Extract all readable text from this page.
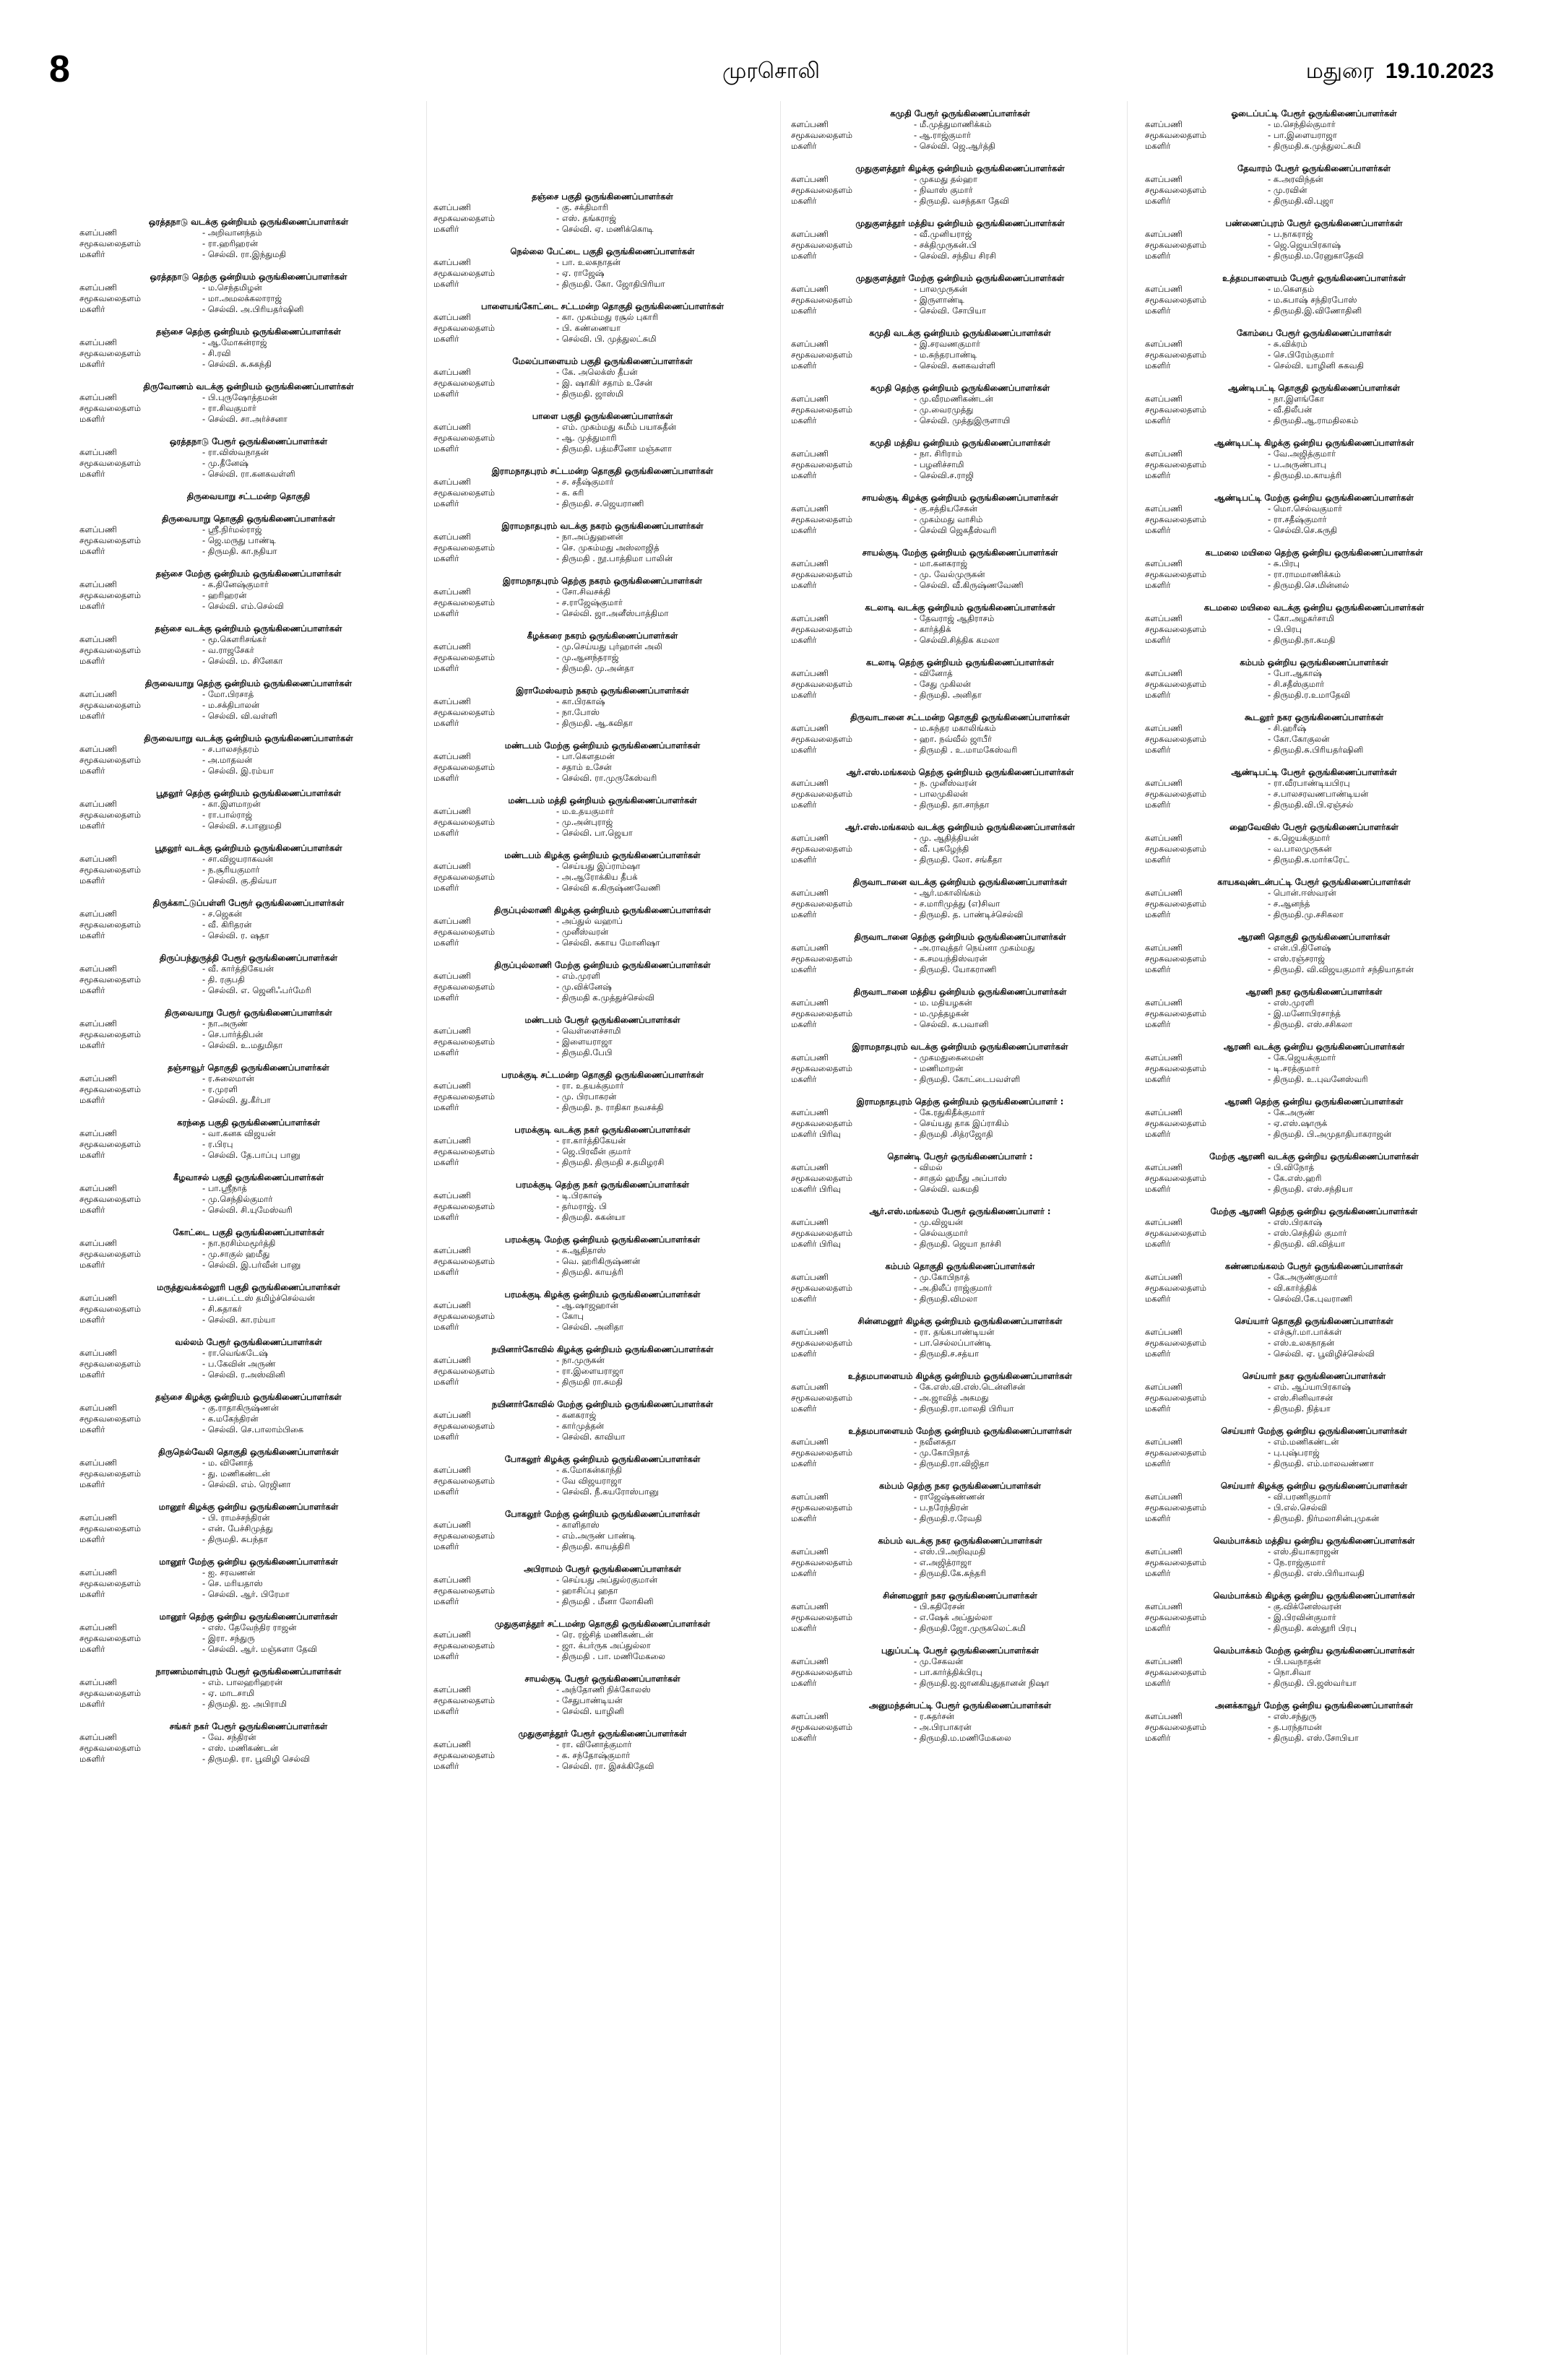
8	முரசொலி	மதுரை 19.10.2023
ஒரத்தநாடு வடக்கு ஒன்றியம் ஒருங்கிணைப்பாளர்கள்
களப்பணி	- அறிவானந்தம்
சமூகவலைதளம்	- ரா.ஹரிஹரன்
மகளிர்	- செல்வி. ரா.இந்துமதி
ஒரத்தநாடு தெற்கு ஒன்றியம் ஒருங்கிணைப்பாளர்கள்
களப்பணி	- ம.செந்தமிழன்
சமூகவலைதளம்	- மா.அமலக்கலாராஜ்
மகளிர்	- செல்வி. அ.பிரியதர்ஷினி
தஞ்சை தெற்கு ஒன்றியம் ஒருங்கிணைப்பாளர்கள்
களப்பணி	- ஆ.மோகன்ராஜ்
சமூகவலைதளம்	- சி.ரவி
மகளிர்	- செல்வி. சு.சுகந்தி
திருவோணம் வடக்கு ஒன்றியம் ஒருங்கிணைப்பாளர்கள்
களப்பணி	- பி.புருஷோத்தமன்
சமூகவலைதளம்	- ரா.சிவகுமார்
மகளிர்	- செல்வி. சா.அர்ச்சனா
ஒரத்தநாடு பேரூர் ஒருங்கிணைப்பாளர்கள்
களப்பணி	- ரா.விஸ்வநாதன்
சமூகவலைதளம்	- மு.தீனேஷ்
மகளிர்	- செல்வி. ரா.கனகவள்ளி
திருவையாறு சட்டமன்ற தொகுதி
திருவையாறு தொகுதி ஒருங்கிணைப்பாளர்கள்
களப்பணி	- ஸ்ரீ.நிர்மல்ராஜ்
சமூகவலைதளம்	- ஜெ.மருது பாண்டி
மகளிர்	- திருமதி. கா.நதியா
தஞ்சை மேற்கு ஒன்றியம் ஒருங்கிணைப்பாளர்கள்
களப்பணி	- க.தினேஷ்குமார்
சமூகவலைதளம்	- ஹரிஹரன்
மகளிர்	- செல்வி. எம்.செல்வி
தஞ்சை வடக்கு ஒன்றியம் ஒருங்கிணைப்பாளர்கள்
களப்பணி	- மூ.கௌரிசங்கர்
சமூகவலைதளம்	- வ.ராஜசேகர்
மகளிர்	- செல்வி. ம. சினேகா
திருவையாறு தெற்கு ஒன்றியம் ஒருங்கிணைப்பாளர்கள்
களப்பணி	- மோ.பிரசாத்
சமூகவலைதளம்	- ம.சக்திபாலன்
மகளிர்	- செல்வி. வி.வள்ளி
திருவையாறு வடக்கு ஒன்றியம் ஒருங்கிணைப்பாளர்கள்
களப்பணி	- ச.பாலசந்தரம்
சமூகவலைதளம்	- அ.மாதவன்
மகளிர்	- செல்வி. இ.ரம்யா
பூதலூர் தெற்கு ஒன்றியம் ஒருங்கிணைப்பாளர்கள்
களப்பணி	- கா.இளமாறன்
சமூகவலைதளம்	- ரா.பால்ராஜ்
மகளிர்	- செல்வி. ச.பானுமதி
பூதலூர் வடக்கு ஒன்றியம் ஒருங்கிணைப்பாளர்கள்
களப்பணி	- சா.விஜயராகவன்
சமூகவலைதளம்	- ந.சூரியகுமார்
மகளிர்	- செல்வி. கு.திவ்யா
திருக்காட்டுப்பள்ளி பேரூர் ஒருங்கிணைப்பாளர்கள்
களப்பணி	- ச.ஜெகன்
சமூகவலைதளம்	- வீ. கிரிதரன்
மகளிர்	- செல்வி. ர. ஷதா
திருப்பந்துருத்தி பேரூர் ஒருங்கிணைப்பாளர்கள்
களப்பணி	- வீ. கார்த்திகேயன்
சமூகவலைதளம்	- தி. ரகுபதி
மகளிர்	- செல்வி. எ. ஜெனிஃபர்மேரி
திருவையாறு பேரூர் ஒருங்கிணைப்பாளர்கள்
களப்பணி	- நா.அருண்
சமூகவலைதளம்	- செ.பார்த்திபன்
மகளிர்	- செல்வி. உ.மதுமிதா
தஞ்சாவூர் தொகுதி ஒருங்கிணைப்பாளர்கள்
களப்பணி	- ர.சுலைமான்
சமூகவலைதளம்	- ர.முரளி
மகளிர்	- செல்வி. து.கீர்பா
கரந்தை பகுதி ஒருங்கிணைப்பாளர்கள்
களப்பணி	- வா.கனக விஜயன்
சமூகவலைதளம்	- ர.பிரபு
மகளிர்	- செல்வி. தே.பாப்பு பானு
கீழவாசல் பகுதி ஒருங்கிணைப்பாளர்கள்
களப்பணி	- பா.ஸ்ரீநாத்
சமூகவலைதளம்	- மு.செந்தில்குமார்
மகளிர்	- செல்வி. சி.யுமேஸ்வரி
கோட்டை பகுதி ஒருங்கிணைப்பாளர்கள்
களப்பணி	- நா.நரசிம்மமூர்த்தி
சமூகவலைதளம்	- மு.சாகுல் ஹமீது
மகளிர்	- செல்வி. இ.பர்வீன் பானு
மருத்துவக்கல்லூரி பகுதி ஒருங்கிணைப்பாளர்கள்
களப்பணி	- ப.டைட்டஸ் தமிழ்ச்செல்வன்
சமூகவலைதளம்	- சி.சுதாகர்
மகளிர்	- செல்வி. கா.ரம்யா
வல்லம் பேரூர் ஒருங்கிணைப்பாளர்கள்
களப்பணி	- ரா.வெங்கடேஷ்
சமூகவலைதளம்	- ப.கேவின் அருண்
மகளிர்	- செல்வி. ர.அஸ்வினி
தஞ்சை கிழக்கு ஒன்றியம் ஒருங்கிணைப்பாளர்கள்
களப்பணி	- கு.ராதாகிருஷ்ணன்
சமூகவலைதளம்	- க.மகேந்திரன்
மகளிர்	- செல்வி. செ.பாலாம்பிகை
திருநெல்வேலி தொகுதி ஒருங்கிணைப்பாளர்கள்
களப்பணி	- ம. வினோத்
சமூகவலைதளம்	- து. மணிகண்டன்
மகளிர்	- செல்வி. எம். ரெஜினா
மானூர் கிழக்கு ஒன்றிய ஒருங்கிணைப்பாளர்கள்
களப்பணி	- பி. ராமச்சந்திரன்
சமூகவலைதளம்	- என். பேச்சிமுத்து
மகளிர்	- திருமதி. சுபந்தா
மானூர் மேற்கு ஒன்றிய ஒருங்கிணைப்பாளர்கள்
களப்பணி	- ஐ. சரவணன்
சமூகவலைதளம்	- செ. மரியதாஸ்
மகளிர்	- செல்வி. ஆர். பிரேமா
மானூர் தெற்கு ஒன்றிய ஒருங்கிணைப்பாளர்கள்
களப்பணி	- எஸ். தேவேந்திர ராஜன்
சமூகவலைதளம்	- இரா. சந்துரு
மகளிர்	- செல்வி. ஆர். மஞ்சுளா தேவி
நாரணம்மாள்புரம் பேரூர் ஒருங்கிணைப்பாளர்கள்
களப்பணி	- எம். பாலஹரிஹரன்
சமூகவலைதளம்	- ஏ. மாடசாமி
மகளிர்	- திருமதி. ஐ. அபிராமி
சங்கர் நகர் பேரூர் ஒருங்கிணைப்பாளர்கள்
களப்பணி	- வே. சந்திரன்
சமூகவலைதளம்	- எஸ். மணிகண்டன்
மகளிர்	- திருமதி. ரா. பூவிழி செல்வி
தஞ்சை பகுதி ஒருங்கிணைப்பாளர்கள்
களப்பணி	- கு. சக்திமாரி
சமூகவலைதளம்	- எஸ். தங்கராஜ்
மகளிர்	- செல்வி. ஏ. மணிக்கொடி
நெல்லை பேட்டை பகுதி ஒருங்கிணைப்பாளர்கள்
களப்பணி	- பா. உலகநாதன்
சமூகவலைதளம்	- ஏ. ராஜேஷ்
மகளிர்	- திருமதி. கோ. ஜோதிபிரியா
பாளையங்கோட்டை சட்டமன்ற தொகுதி ஒருங்கிணைப்பாளர்கள்
களப்பணி	- கா. முகம்மது ரசூல் புகாரி
சமூகவலைதளம்	- பி. கண்ணையா
மகளிர்	- செல்வி. பி. முத்துலட்சுமி
மேலப்பாளையம் பகுதி ஒருங்கிணைப்பாளர்கள்
களப்பணி	- கே. அலெக்ஸ் தீபன்
சமூகவலைதளம்	- இ. ஷாகிர் சதாம் உசேன்
மகளிர்	- திருமதி. ஜாஸ்மி
பாளை பகுதி ஒருங்கிணைப்பாளர்கள்
களப்பணி	- எம். முகம்மது சுமீம் பயாசுதீன்
சமூகவலைதளம்	- ஆ. முத்துமாரி
மகளிர்	- திருமதி. பத்மசீனோ மஞ்சுளா
இராமநாதபுரம் சட்டமன்ற தொகுதி ஒருங்கிணைப்பாளர்கள்
களப்பணி	- ச. சதீஷ்குமார்
சமூகவலைதளம்	- க. சுரி
மகளிர்	- திருமதி. ச.ஜெயராணி
இராமநாதபுரம் வடக்கு நகரம் ஒருங்கிணைப்பாளர்கள்
களப்பணி	- நா.அப்துஹனன்
சமூகவலைதளம்	- செ. முகம்மது அஸ்லாஜித்
மகளிர்	- திருமதி . நூ.பாத்திமா பாலின்
இராமநாதபுரம் தெற்கு நகரம் ஒருங்கிணைப்பாளர்கள்
களப்பணி	- சோ.சிவசக்தி
சமூகவலைதளம்	- ச.ராஜேஷ்குமார்
மகளிர்	- செல்வி. ஜா.அனீஸ்பாத்திமா
கீழக்கரை நகரம் ஒருங்கிணைப்பாளர்கள்
களப்பணி	- மு.செய்யது புர்ஹான் அலி
சமூகவலைதளம்	- மு.ஆனந்தராஜ்
மகளிர்	- திருமதி. மு.அன்தா
இராமேஸ்வரம் நகரம் ஒருங்கிணைப்பாளர்கள்
களப்பணி	- கா.பிரகாஷ்
சமூகவலைதளம்	- நா.போஸ்
மகளிர்	- திருமதி. ஆ.கவிதா
மண்டபம் மேற்கு ஒன்றியம் ஒருங்கிணைப்பாளர்கள்
களப்பணி	- பா.கௌதமன்
சமூகவலைதளம்	- சதாம் உசேன்
மகளிர்	- செல்வி. ரா.முருகேஸ்வரி
மண்டபம் மத்தி ஒன்றியம் ஒருங்கிணைப்பாளர்கள்
களப்பணி	- ம.உதயகுமார்
சமூகவலைதளம்	- மு.அன்புராஜ்
மகளிர்	- செல்வி. பா.ஜெயா
மண்டபம் கிழக்கு ஒன்றியம் ஒருங்கிணைப்பாளர்கள்
களப்பணி	- செய்யது இப்ராம்ஷா
சமூகவலைதளம்	- அ.ஆரோக்கிய தீபக்
மகளிர்	- செல்வி க.கிருஷ்ணவேணி
திருப்புல்லாணி கிழக்கு ஒன்றியம் ஒருங்கிணைப்பாளர்கள்
களப்பணி	- அப்துல் வஹாப்
சமூகவலைதளம்	- முனீஸ்வரன்
மகளிர்	- செல்வி. சுகாய மோனிஷா
திருப்புல்லாணி மேற்கு ஒன்றியம் ஒருங்கிணைப்பாளர்கள்
களப்பணி	- எம்.முரளி
சமூகவலைதளம்	- மு.விக்னேஷ்
மகளிர்	- திருமதி க.முத்துச்செல்வி
மண்டபம் பேரூர் ஒருங்கிணைப்பாளர்கள்
களப்பணி	- வெள்ளைச்சாமி
சமூகவலைதளம்	- இளையராஜா
மகளிர்	- திருமதி.பேபி
பரமக்குடி சட்டமன்ற தொகுதி ஒருங்கிணைப்பாளர்கள்
களப்பணி	- ரா. உதயக்குமார்
சமூகவலைதளம்	- மு. பிரபாகரன்
மகளிர்	- திருமதி. ந. ராதிகா நவசக்தி
பரமக்குடி வடக்கு நகர் ஒருங்கிணைப்பாளர்கள்
களப்பணி	- ரா.கார்த்திகேயன்
சமூகவலைதளம்	- ஜெ.பிரவீன் குமார்
மகளிர்	- திருமதி. திருமதி ச.தமிழரசி
பரமக்குடி தெற்கு நகர் ஒருங்கிணைப்பாளர்கள்
களப்பணி	- டி.பிரகாஷ்
சமூகவலைதளம்	- தர்மராஜ். பி
மகளிர்	- திருமதி. சுகன்யா
பரமக்குடி மேற்கு ஒன்றியம் ஒருங்கிணைப்பாளர்கள்
களப்பணி	- க.ஆதிதாஸ்
சமூகவலைதளம்	- வெ. ஹரிகிருஷ்ணன்
மகளிர்	- திருமதி. காயத்ரி
பரமக்குடி கிழக்கு ஒன்றியம் ஒருங்கிணைப்பாளர்கள்
களப்பணி	- ஆ.ஷாஜஹான்
சமூகவலைதளம்	- கோபு
மகளிர்	- செல்வி. அனிதா
நயினார்கோவில் கிழக்கு ஒன்றியம் ஒருங்கிணைப்பாளர்கள்
களப்பணி	- நா.முருகன்
சமூகவலைதளம்	- ரா.இளையராஜா
மகளிர்	- திருமதி ரா.சுமதி
நயினார்கோவில் மேற்கு ஒன்றியம் ஒருங்கிணைப்பாளர்கள்
களப்பணி	- கனகராஜ்
சமூகவலைதளம்	- கார்முத்தன்
மகளிர்	- செல்வி. காவியா
போகலூர் கிழக்கு ஒன்றியம் ஒருங்கிணைப்பாளர்கள்
களப்பணி	- க.மோகன்காந்தி
சமூகவலைதளம்	- வே விஜயராஜா
மகளிர்	- செல்வி. நீ.கயரோஸ்பானு
போகலூர் மேற்கு ஒன்றியம் ஒருங்கிணைப்பாளர்கள்
களப்பணி	- காளிதாஸ்
சமூகவலைதளம்	- எம்.அருண் பாண்டி
மகளிர்	- திருமதி. காயத்திரி
அபிராமம் பேரூர் ஒருங்கிணைப்பாளர்கள்
களப்பணி	- செய்யது அப்துல்ரகுமான்
சமூகவலைதளம்	- ஹாசிப்பு ஹதா
மகளிர்	- திருமதி . மீனா லோகினி
முதுகுளத்தூர் சட்டமன்ற தொகுதி ஒருங்கிணைப்பாளர்கள்
களப்பணி	- ரெ. ரஜ்சித் மணிகண்டன்
சமூகவலைதளம்	- ஜா. க்பர்ருக அப்துல்லா
மகளிர்	- திருமதி . பா. மணிமேகலை
சாயல்குடி பேரூர் ஒருங்கிணைப்பாளர்கள்
களப்பணி	- அந்தோணி நிக்கோலஸ்
சமூகவலைதளம்	- சேதுபாண்டியன்
மகளிர்	- செல்வி. யாழினி
முதுகுளத்தூர் பேரூர் ஒருங்கிணைப்பாளர்கள்
களப்பணி	- ரா. வினோத்குமார்
சமூகவலைதளம்	- க. சந்தோஷ்குமார்
மகளிர்	- செல்வி. ரா. இசக்கிதேவி
கமுதி பேரூர் ஒருங்கிணைப்பாளர்கள்
களப்பணி	- மீ.முத்துமாணிக்கம்
சமூகவலைதளம்	- ஆ.ராஜ்குமார்
மகளிர்	- செல்வி. ஜெ.ஆர்த்தி
முதுகுளத்தூர் கிழக்கு ஒன்றியம் ஒருங்கிணைப்பாளர்கள்
களப்பணி	- முகமது தல்ஹா
சமூகவலைதளம்	- நிவாஸ் குமார்
மகளிர்	- திருமதி. வசந்தகா தேவி
முதுகுளத்தூர் மத்திய ஒன்றியம் ஒருங்கிணைப்பாளர்கள்
களப்பணி	- வீ.முனியராஜ்
சமூகவலைதளம்	- சக்திமுருகன்.பி
மகளிர்	- செல்வி. சந்திய சிரசி
முதுகுளத்தூர் மேற்கு ஒன்றியம் ஒருங்கிணைப்பாளர்கள்
களப்பணி	- பாலமுருகன்
சமூகவலைதளம்	- இருளாண்டி
மகளிர்	- செல்வி. சோபியா
கமுதி வடக்கு ஒன்றியம் ஒருங்கிணைப்பாளர்கள்
களப்பணி	- இ.சரவணகுமார்
சமூகவலைதளம்	- ம.சுந்தரபாண்டி
மகளிர்	- செல்வி. கனகவள்ளி
கமுதி தெற்கு ஒன்றியம் ஒருங்கிணைப்பாளர்கள்
களப்பணி	- மு.வீரமணிகண்டன்
சமூகவலைதளம்	- மு.வைரமுத்து
மகளிர்	- செல்வி. முத்துஇருளாயி
கமுதி மத்திய ஒன்றியம் ஒருங்கிணைப்பாளர்கள்
களப்பணி	- நா. சிரிராம்
சமூகவலைதளம்	- பழனிச்சாமி
மகளிர்	- செல்வி.ச.ராஜி
சாயல்குடி கிழக்கு ஒன்றியம் ஒருங்கிணைப்பாளர்கள்
களப்பணி	- கு.சத்தியசேகன்
சமூகவலைதளம்	- முகம்மது வாசிம்
மகளிர்	- செல்வி ஜெகதீஸ்வரி
சாயல்குடி மேற்கு ஒன்றியம் ஒருங்கிணைப்பாளர்கள்
களப்பணி	- மா.கனகராஜ்
சமூகவலைதளம்	- மு. வேல்முருகன்
மகளிர்	- செல்வி. வீ.கிருஷ்ணவேணி
கடலாடி வடக்கு ஒன்றியம் ஒருங்கிணைப்பாளர்கள்
களப்பணி	- தேவராஜ் ஆதிராசம்
சமூகவலைதளம்	- கார்த்திக்
மகளிர்	- செல்வி.சித்திக கமலா
கடலாடி தெற்கு ஒன்றியம் ஒருங்கிணைப்பாளர்கள்
களப்பணி	- வினோத்
சமூகவலைதளம்	- சேது முகிலன்
மகளிர்	- திருமதி. அனிதா
திருவாடானை சட்டமன்ற தொகுதி ஒருங்கிணைப்பாளர்கள்
களப்பணி	- ம.சுந்தர மகாலிங்கம்
சமூகவலைதளம்	- ஹா. நவ்வீல் ஜாபீர்
மகளிர்	- திருமதி . உ.மாமகேஸ்வரி
ஆர்.எஸ்.மங்கலம் தெற்கு ஒன்றியம் ஒருங்கிணைப்பாளர்கள்
களப்பணி	- ந. முனீஸ்வரன்
சமூகவலைதளம்	- பாலமுகிலன்
மகளிர்	- திருமதி. தா.சாந்தா
ஆர்.எஸ்.மங்கலம் வடக்கு ஒன்றியம் ஒருங்கிணைப்பாளர்கள்
களப்பணி	- மு. ஆதித்தியன்
சமூகவலைதளம்	- வீ. புகழேந்தி
மகளிர்	- திருமதி. லோ. சங்கீதா
திருவாடானை வடக்கு ஒன்றியம் ஒருங்கிணைப்பாளர்கள்
களப்பணி	- ஆர்.மகாலிங்கம்
சமூகவலைதளம்	- ச.மாரிமுத்து (எ)சிவா
மகளிர்	- திருமதி. த. பாண்டிச்செல்வி
திருவாடானை தெற்கு ஒன்றியம் ஒருங்கிணைப்பாளர்கள்
களப்பணி	- அ.ராவுத்தர் நெய்னா முகம்மது
சமூகவலைதளம்	- க.சமயந்திஸ்வரன்
மகளிர்	- திருமதி. யோகராணி
திருவாடானை மத்திய ஒன்றியம் ஒருங்கிணைப்பாளர்கள்
களப்பணி	- ம. மதியழகன்
சமூகவலைதளம்	- ம.முத்தழகன்
மகளிர்	- செல்வி. சு.பவானி
இராமநாதபுரம் வடக்கு ஒன்றியம் ஒருங்கிணைப்பாளர்கள்
களப்பணி	- முகமதுகைமைன்
சமூகவலைதளம்	- மணிமாறன்
மகளிர்	- திருமதி. கோட்டைபவள்ளி
இராமநாதபுரம் தெற்கு ஒன்றியம் ஒருங்கிணைப்பாளர் :
களப்பணி	- கே.ரதுகிதீக்குமார்
சமூகவலைதளம்	- செய்யது தாக இப்ராகிம்
மகளிர் பிரிவு	- திருமதி .சித்ரஜோதி
தொண்டி பேரூர் ஒருங்கிணைப்பாளர் :
களப்பணி	- விமல்
சமூகவலைதளம்	- சாகுல் ஹமீது அப்பாஸ்
மகளிர் பிரிவு	- செல்வி. வசுமதி
ஆர்.எஸ்.மங்கலம் பேரூர் ஒருங்கிணைப்பாளர் :
களப்பணி	- மு.விஜயன்
சமூகவலைதளம்	- செல்வகுமார்
மகளிர் பிரிவு	- திருமதி. ஜெயா நாச்சி
கம்பம் தொகுதி ஒருங்கிணைப்பாளர்கள்
களப்பணி	- மு.கோபிநாத்
சமூகவலைதளம்	- அ.திலீப் ராஜ்குமார்
மகளிர்	- திருமதி.விமலா
சின்னமனூர் கிழக்கு ஒன்றியம் ஒருங்கிணைப்பாளர்கள்
களப்பணி	- ரா. தங்கபாண்டியன்
சமூகவலைதளம்	- பா.செல்லப்பாண்டி
மகளிர்	- திருமதி.ச.சத்யா
உத்தமபாளையம் கிழக்கு ஒன்றியம் ஒருங்கிணைப்பாளர்கள்
களப்பணி	- கே.எஸ்.வி.எஸ்.டென்னிசன்
சமூகவலைதளம்	- அ.ஜாவித் அகமது
மகளிர்	- திருமதி.ரா.மாலதி பிரியா
உத்தமபாளையம் மேற்கு ஒன்றியம் ஒருங்கிணைப்பாளர்கள்
களப்பணி	- நவீனசுதா
சமூகவலைதளம்	- மு.கோபிநாத்
மகளிர்	- திருமதி.ரா.விஜிதா
கம்பம் தெற்கு நகர ஒருங்கிணைப்பாளர்கள்
களப்பணி	- ராஜேஷ்கண்ணன்
சமூகவலைதளம்	- ப.நரேந்திரன்
மகளிர்	- திருமதி.ர.ரேவதி
கம்பம் வடக்கு நகர ஒருங்கிணைப்பாளர்கள்
களப்பணி	- எஸ்.பி.அறிவுமதி
சமூகவலைதளம்	- எ.அஜித்ராஜா
மகளிர்	- திருமதி.கே.சுந்தரி
சின்னமனூர் நகர ஒருங்கிணைப்பாளர்கள்
களப்பணி	- பி.கதிரேசன்
சமூகவலைதளம்	- எ.ஷேக் அப்துல்லா
மகளிர்	- திருமதி.ஜோ.முருகலெட்சுமி
புதுப்பட்டி பேரூர் ஒருங்கிணைப்பாளர்கள்
களப்பணி	- மு.சேகவன்
சமூகவலைதளம்	- பா.கார்த்திக்பிரபு
மகளிர்	- திருமதி.ஜ.ஜானகியுதுதானன் நிஷா
அனுமந்தன்பட்டி பேரூர் ஒருங்கிணைப்பாளர்கள்
களப்பணி	- ர.சுதர்சன்
சமூகவலைதளம்	- அ.பிரபாகரன்
மகளிர்	- திருமதி.ம.மணிமேகலை
ஓடைப்பட்டி பேரூர் ஒருங்கிணைப்பாளர்கள்
களப்பணி	- ம.செந்தில்குமார்
சமூகவலைதளம்	- பா.இளையராஜா
மகளிர்	- திருமதி.க.முத்துலட்சுமி
தேவாரம் பேரூர் ஒருங்கிணைப்பாளர்கள்
களப்பணி	- க.அரவிந்தன்
சமூகவலைதளம்	- மு.ரவின்
மகளிர்	- திருமதி.வி.புஜா
பண்ணைப்புரம் பேரூர் ஒருங்கிணைப்பாளர்கள்
களப்பணி	- ப.நாகராஜ்
சமூகவலைதளம்	- ஜெ.ஜெயபிரகாஷ்
மகளிர்	- திருமதி.ம.ரேனுகாதேவி
உத்தமபாளையம் பேரூர் ஒருங்கிணைப்பாளர்கள்
களப்பணி	- ம.கௌதம்
சமூகவலைதளம்	- ம.சுபாஷ் சந்திரபோஸ்
மகளிர்	- திருமதி.இ.விணோதினி
கோம்பை பேரூர் ஒருங்கிணைப்பாளர்கள்
களப்பணி	- சு.விக்ரம்
சமூகவலைதளம்	- செ.பிரேம்குமார்
மகளிர்	- செல்வி. யாழினி சுகவதி
ஆண்டிபட்டி தொகுதி ஒருங்கிணைப்பாளர்கள்
களப்பணி	- நா.இளங்கோ
சமூகவலைதளம்	- வீ.திலீபன்
மகளிர்	- திருமதி.ஆ.ராமதிலகம்
ஆண்டிபட்டி கிழக்கு ஒன்றிய ஒருங்கிணைப்பாளர்கள்
களப்பணி	- வே.அஜித்குமார்
சமூகவலைதளம்	- ப.அருண்பாபு
மகளிர்	- திருமதி.ம.காயத்ரி
ஆண்டிபட்டி மேற்கு ஒன்றிய ஒருங்கிணைப்பாளர்கள்
களப்பணி	- மொ.செல்வகுமார்
சமூகவலைதளம்	- ரா.சதீஷ்குமார்
மகளிர்	- செல்வி.செ.சுருதி
கடமலை மயிலை தெற்கு ஒன்றிய ஒருங்கிணைப்பாளர்கள்
களப்பணி	- சு.பிரபு
சமூகவலைதளம்	- ரா.ராமமாணிக்கம்
மகளிர்	- திருமதி.செ.மின்னல்
கடமலை மயிலை வடக்கு ஒன்றிய ஒருங்கிணைப்பாளர்கள்
களப்பணி	- கோ.அழகர்சாமி
சமூகவலைதளம்	- பி.பிரபு
மகளிர்	- திருமதி.நா.சுமதி
கம்பம் ஒன்றிய ஒருங்கிணைப்பாளர்கள்
களப்பணி	- போ.ஆகாஷ்
சமூகவலைதளம்	- சி.சதீஸ்குமார்
மகளிர்	- திருமதி.ர.உமாதேவி
கூடலூர் நகர ஒருங்கிணைப்பாளர்கள்
களப்பணி	- சி.ஹரீஷ்
சமூகவலைதளம்	- கோ.கோகுலன்
மகளிர்	- திருமதி.சு.பிரியதர்ஷினி
ஆண்டிபட்டி பேரூர் ஒருங்கிணைப்பாளர்கள்
களப்பணி	- ரா.வீரபாண்டியபிரபு
சமூகவலைதளம்	- ச.பாலசரவணபாண்டியன்
மகளிர்	- திருமதி.வி.பி.ஏஞ்சல்
ஹைவேவிஸ் பேரூர் ஒருங்கிணைப்பாளர்கள்
களப்பணி	- சு.ஜெயக்குமார்
சமூகவலைதளம்	- வ.பாலமுருகன்
மகளிர்	- திருமதி.க.மார்கரேட்
காயகவுண்டன்பட்டி பேரூர் ஒருங்கிணைப்பாளர்கள்
களப்பணி	- பொன்.ஈஸ்வரன்
சமூகவலைதளம்	- ச.ஆனந்த்
மகளிர்	- திருமதி.மு.சசிகலா
ஆரணி தொகுதி ஒருங்கிணைப்பாளர்கள்
களப்பணி	- என்.பி.தினேஷ்
சமூகவலைதளம்	- எஸ்.ரஞ்சராஜ்
மகளிர்	- திருமதி. வி.விஜயகுமார் சந்தியாதான்
ஆரணி நகர ஒருங்கிணைப்பாளர்கள்
களப்பணி	- எஸ்.முரளி
சமூகவலைதளம்	- இ.மனோபிரசாந்த்
மகளிர்	- திருமதி. எஸ்.சசிகலா
ஆரணி வடக்கு ஒன்றிய ஒருங்கிணைப்பாளர்கள்
களப்பணி	- கே.ஜெயக்குமார்
சமூகவலைதளம்	- டி.சரத்குமார்
மகளிர்	- திருமதி. உ.புவனேஸ்வரி
ஆரணி தெற்கு ஒன்றிய ஒருங்கிணைப்பாளர்கள்
களப்பணி	- கே.அருண்
சமூகவலைதளம்	- ஏ.எஸ்.ஷாருக்
மகளிர்	- திருமதி. பி.அமுதாதிபாகராஜன்
மேற்கு ஆரணி வடக்கு ஒன்றிய ஒருங்கிணைப்பாளர்கள்
களப்பணி	- பி.விநோத்
சமூகவலைதளம்	- கே.எஸ்.ஹரி
மகளிர்	- திருமதி. எஸ்.சந்தியா
மேற்கு ஆரணி தெற்கு ஒன்றிய ஒருங்கிணைப்பாளர்கள்
களப்பணி	- எஸ்.பிரகாஷ்
சமூகவலைதளம்	- எஸ்.செந்தில் குமார்
மகளிர்	- திருமதி. வி.வித்யா
கண்ணமங்கலம் பேரூர் ஒருங்கிணைப்பாளர்கள்
களப்பணி	- கே.அருண்குமார்
சமூகவலைதளம்	- வி.கார்த்திக்
மகளிர்	- செல்வி.கே.புவராணி
செய்யார் தொகுதி ஒருங்கிணைப்பாளர்கள்
களப்பணி	- எச்சூர்.மா.பாக்கள்
சமூகவலைதளம்	- எஸ்.உலகநாதன்
மகளிர்	- செல்வி. ஏ. பூவிழிச்செல்வி
செய்யார் நகர ஒருங்கிணைப்பாளர்கள்
களப்பணி	- எம். ஆப்யாபிரகாஷ்
சமூகவலைதளம்	- எஸ்.சினிவாசன்
மகளிர்	- திருமதி. நித்யா
செய்யார் மேற்கு ஒன்றிய ஒருங்கிணைப்பாளர்கள்
களப்பணி	- எம்.மணிகண்டன்
சமூகவலைதளம்	- பு.புஷ்பராஜ்
மகளிர்	- திருமதி. எம்.மாலவண்ணா
செய்யார் கிழக்கு ஒன்றிய ஒருங்கிணைப்பாளர்கள்
களப்பணி	- வி.பரணிகுமார்
சமூகவலைதளம்	- பி.எல்.செல்வி
மகளிர்	- திருமதி. நிர்மலாசின்புமுகன்
வெம்பாக்கம் மத்திய ஒன்றிய ஒருங்கிணைப்பாளர்கள்
களப்பணி	- எஸ்.தியாகராஜன்
சமூகவலைதளம்	- நே.ராஜ்குமார்
மகளிர்	- திருமதி. எஸ்.பிரியாவதி
வெம்பாக்கம் கிழக்கு ஒன்றிய ஒருங்கிணைப்பாளர்கள்
களப்பணி	- கு.விக்னேஸ்வரன்
சமூகவலைதளம்	- இ.பிரவின்குமார்
மகளிர்	- திருமதி. கஸ்தூரி பிரபு
வெம்பாக்கம் மேற்கு ஒன்றிய ஒருங்கிணைப்பாளர்கள்
களப்பணி	- பி.பவநாதன்
சமூகவலைதளம்	- நொ.சிவா
மகளிர்	- திருமதி. பி.ஜஸ்வர்யா
அனக்காவூர் மேற்கு ஒன்றிய ஒருங்கிணைப்பாளர்கள்
களப்பணி	- எஸ்.சந்துரு
சமூகவலைதளம்	- த.பரந்தாமன்
மகளிர்	- திருமதி. எஸ்.சோபியா
